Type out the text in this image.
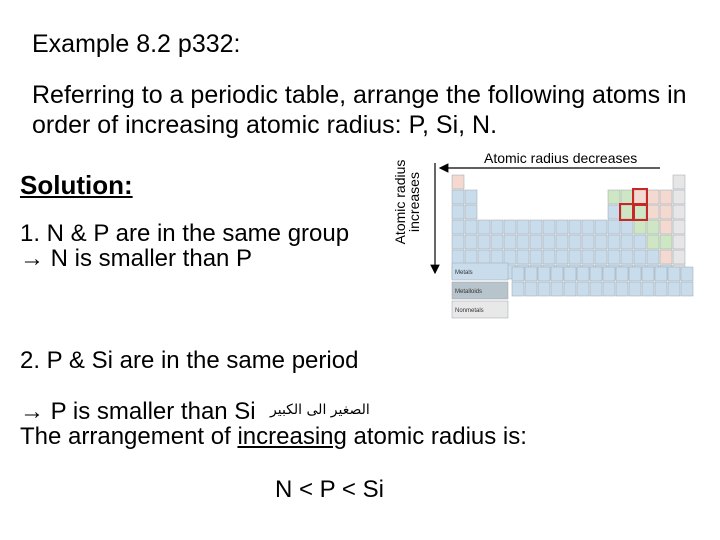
Example 8.2 p332:
Referring to a periodic table, arrange the following atoms in order of increasing atomic radius: P, Si, N.
Solution:
1. N & P are in the same group
→ N is smaller than P
2. P & Si are in the same period
→ P is smaller than Si الصغير الى الكبير
The arrangement of increasing atomic radius is:
N < P < Si
Metals
Metalloids
Nonmetals
Atomic radius decreases
Atomic radius increases
